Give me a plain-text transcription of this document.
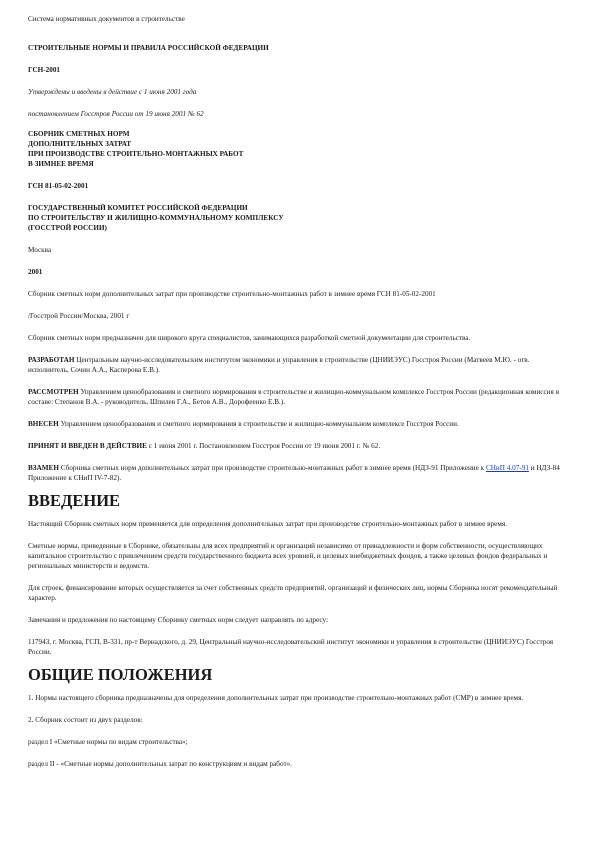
Система нормативных документов в строительстве

СТРОИТЕЛЬНЫЕ НОРМЫ И ПРАВИЛА РОССИЙСКОЙ ФЕДЕРАЦИИ

ГСН-2001

Утверждены и введены в действие с 1 июня 2001 года

постановлением Госстроя России от 19 июня 2001 № 62

СБОРНИК СМЕТНЫХ НОРМ

ДОПОЛНИТЕЛЬНЫХ ЗАТРАТ

ПРИ ПРОИЗВОДСТВЕ СТРОИТЕЛЬНО-МОНТАЖНЫХ РАБОТ

В ЗИМНЕЕ ВРЕМЯ

ГСН 81-05-02-2001

ГОСУДАРСТВЕННЫЙ КОМИТЕТ РОССИЙСКОЙ ФЕДЕРАЦИИ

ПО СТРОИТЕЛЬСТВУ И ЖИЛИЩНО-КОММУНАЛЬНОМУ КОМПЛЕКСУ

(ГОССТРОЙ РОССИИ)

Москва

2001

Сборник сметных норм дополнительных затрат при производстве строительно-монтажных работ в зимнее время ГСН 81-05-02-2001

/Госстрой России/Москва, 2001 г

Сборник сметных норм предназначен для широкого круга специалистов, занимающихся разработкой сметной документации для строительства.

РАЗРАБОТАН Центральным научно-исследовательским институтом экономики и управления в строительстве (ЦНИИЭУС) Госстроя России (Матвеев М.Ю. - отв. исполнитель, Сочин А.А., Касперова Е.В.).

РАССМОТРЕН Управлением ценообразования и сметного нормирования в строительстве и жилищно-коммунальном комплексе Госстроя России (редакционная комиссия в составе: Степанов В.А. - руководитель, Шпилев Г.А., Бетов А.В., Дорофеенко Е.В.).

ВНЕСЕН Управлением ценообразования и сметного нормирования в строительстве и жилищно-коммунальном комплексе Госстроя России.

ПРИНЯТ И ВВЕДЕН В ДЕЙСТВИЕ с 1 июня 2001 г. Постановлением Госстроя России от 19 июня 2001 г. № 62.

ВЗАМЕН Сборника сметных норм дополнительных затрат при производстве строительно-монтажных работ в зимнее время (НДЗ-91 Приложение к СНиП 4.07-91 и НДЗ-84 Приложение к СНиП IV-7-82).

ВВЕДЕНИЕ

Настоящий Сборник сметных норм применяется для определения дополнительных затрат при производстве строительно-монтажных работ в зимнее время.

Сметные нормы, приведенные в Сборнике, обязательны для всех предприятий и организаций независимо от принадлежности и форм собственности, осуществляющих капитальное строительство с привлечением средств государственного бюджета всех уровней, и целевых внебюджетных фондов, а также целевых фондов федеральных и региональных министерств и ведомств.

Для строек, финансирование которых осуществляется за счет собственных средств предприятий, организаций и физических лиц, нормы Сборника носят рекомендательный характер.

Замечания и предложения по настоящему Сборнику сметных норм следует направлять по адресу:

117943, г. Москва, ГСП, В-331, пр-т Вернадского, д. 29, Центральный научно-исследовательский институт экономики и управления в строительстве (ЦНИИЭУС) Госстроя России.

ОБЩИЕ ПОЛОЖЕНИЯ

1. Нормы настоящего сборника предназначены для определения дополнительных затрат при производстве строительно-монтажных работ (СМР) в зимнее время.

2. Сборник состоит из двух разделов:

раздел I «Сметные нормы по видам строительства»;

раздел II - «Сметные нормы дополнительных затрат по конструкциям и видам работ».
